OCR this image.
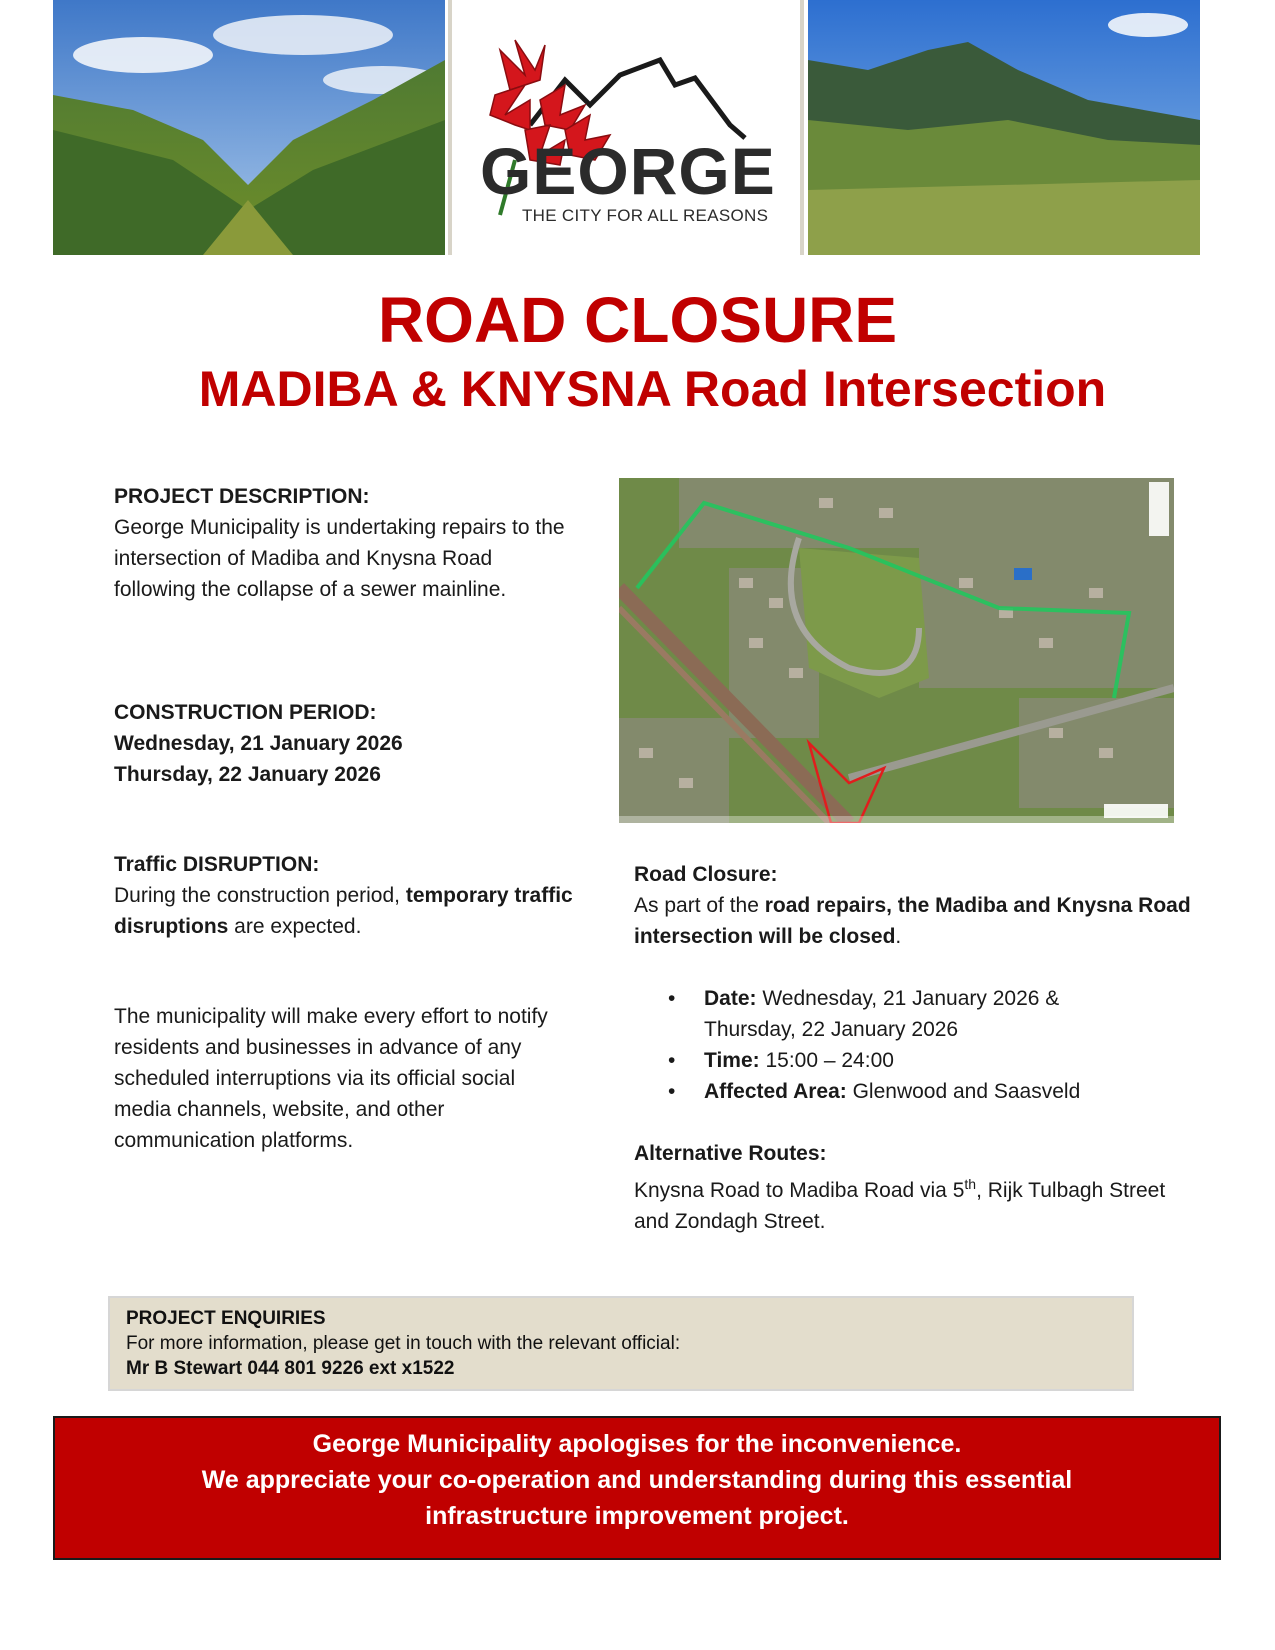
GEORGE
THE CITY FOR ALL REASONS
ROAD CLOSURE
MADIBA & KNYSNA Road Intersection

PROJECT DESCRIPTION:

George Municipality is undertaking repairs to the intersection of Madiba and Knysna Road following the collapse of a sewer mainline.

CONSTRUCTION PERIOD:

Wednesday, 21 January 2026

Thursday, 22 January 2026

Traffic DISRUPTION:

During the construction period, temporary traffic disruptions are expected.

The municipality will make every effort to notify residents and businesses in advance of any scheduled interruptions via its official social media channels, website, and other communication platforms.

Road Closure:

As part of the road repairs, the Madiba and Knysna Road intersection will be closed.

• Date: Wednesday, 21 January 2026 & Thursday, 22 January 2026
• Time: 15:00 – 24:00
• Affected Area: Glenwood and Saasveld

Alternative Routes:

Knysna Road to Madiba Road via 5th, Rijk Tulbagh Street and Zondagh Street.

PROJECT ENQUIRIES
For more information, please get in touch with the relevant official:
Mr B Stewart 044 801 9226 ext x1522
George Municipality apologises for the inconvenience.
We appreciate your co-operation and understanding during this essential infrastructure improvement project.
